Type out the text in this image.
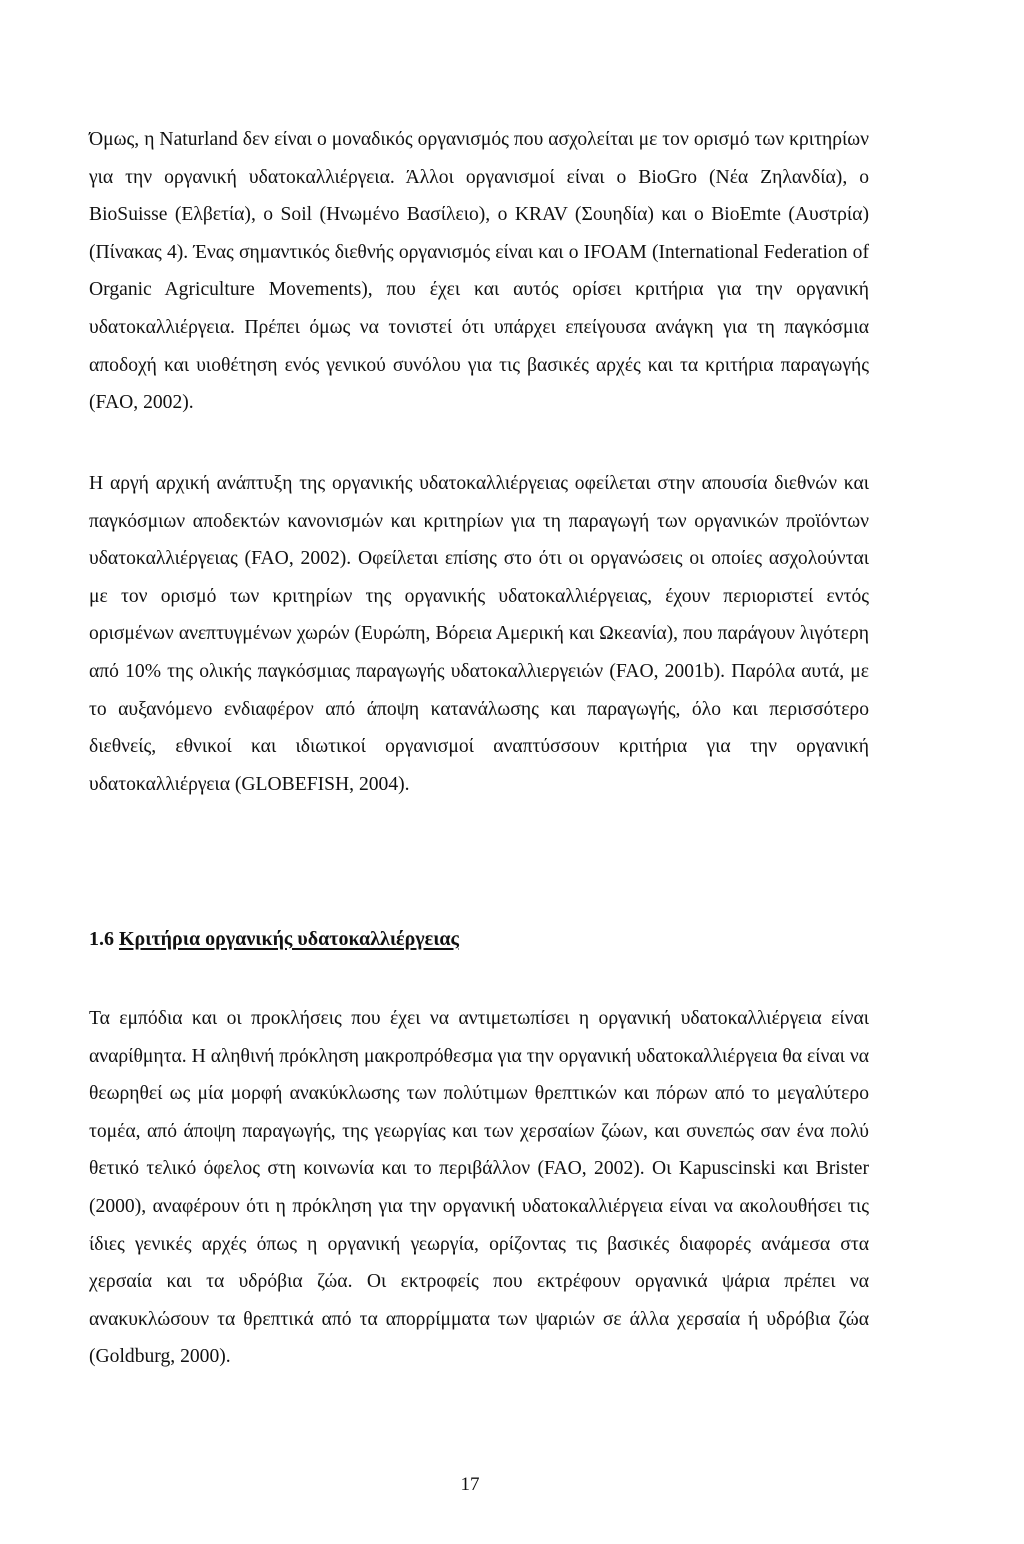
Όμως, η Naturland δεν είναι ο μοναδικός οργανισμός που ασχολείται με τον ορισμό των κριτηρίων για την οργανική υδατοκαλλιέργεια. Άλλοι οργανισμοί είναι ο BioGro (Νέα Ζηλανδία), ο BioSuisse (Ελβετία), ο Soil (Ηνωμένο Βασίλειο), ο KRAV (Σουηδία) και ο BioEmte (Αυστρία) (Πίνακας 4). Ένας σημαντικός διεθνής οργανισμός είναι και ο IFOAM (International Federation of Organic Agriculture Movements), που έχει και αυτός ορίσει κριτήρια για την οργανική υδατοκαλλιέργεια. Πρέπει όμως να τονιστεί ότι υπάρχει επείγουσα ανάγκη για τη παγκόσμια αποδοχή και υιοθέτηση ενός γενικού συνόλου για τις βασικές αρχές και τα κριτήρια παραγωγής (FAO, 2002).

Η αργή αρχική ανάπτυξη της οργανικής υδατοκαλλιέργειας οφείλεται στην απουσία διεθνών και παγκόσμιων αποδεκτών κανονισμών και κριτηρίων για τη παραγωγή των οργανικών προϊόντων υδατοκαλλιέργειας (FAO, 2002). Οφείλεται επίσης στο ότι οι οργανώσεις οι οποίες ασχολούνται με τον ορισμό των κριτηρίων της οργανικής υδατοκαλλιέργειας, έχουν περιοριστεί εντός ορισμένων ανεπτυγμένων χωρών (Ευρώπη, Βόρεια Αμερική και Ωκεανία), που παράγουν λιγότερη από 10% της ολικής παγκόσμιας παραγωγής υδατοκαλλιεργειών (FAO, 2001b). Παρόλα αυτά, με το αυξανόμενο ενδιαφέρον από άποψη κατανάλωσης και παραγωγής, όλο και περισσότερο διεθνείς, εθνικοί και ιδιωτικοί οργανισμοί αναπτύσσουν κριτήρια για την οργανική υδατοκαλλιέργεια (GLOBEFISH, 2004).

1.6 Κριτήρια οργανικής υδατοκαλλιέργειας

Τα εμπόδια και οι προκλήσεις που έχει να αντιμετωπίσει η οργανική υδατοκαλλιέργεια είναι αναρίθμητα. Η αληθινή πρόκληση μακροπρόθεσμα για την οργανική υδατοκαλλιέργεια θα είναι να θεωρηθεί ως μία μορφή ανακύκλωσης των πολύτιμων θρεπτικών και πόρων από το μεγαλύτερο τομέα, από άποψη παραγωγής, της γεωργίας και των χερσαίων ζώων, και συνεπώς σαν ένα πολύ θετικό τελικό όφελος στη κοινωνία και το περιβάλλον (FAO, 2002). Οι Kapuscinski και Brister (2000), αναφέρουν ότι η πρόκληση για την οργανική υδατοκαλλιέργεια είναι να ακολουθήσει τις ίδιες γενικές αρχές όπως η οργανική γεωργία, ορίζοντας τις βασικές διαφορές ανάμεσα στα χερσαία και τα υδρόβια ζώα. Οι εκτροφείς που εκτρέφουν οργανικά ψάρια πρέπει να ανακυκλώσουν τα θρεπτικά από τα απορρίμματα των ψαριών σε άλλα χερσαία ή υδρόβια ζώα (Goldburg, 2000).

17
